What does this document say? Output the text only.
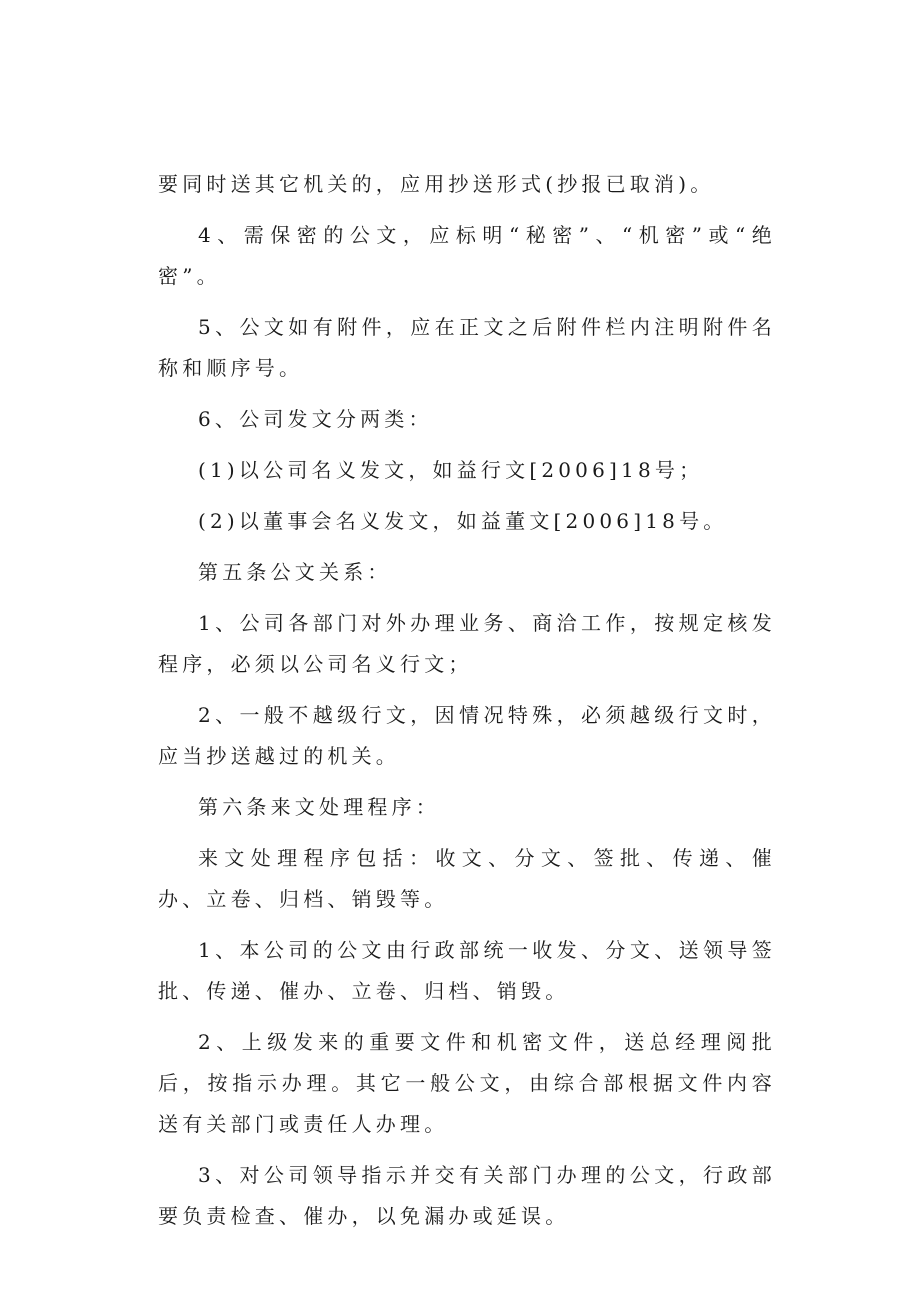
要同时送其它机关的，应用抄送形式(抄报已取消)。

4、需保密的公文，应标明“秘密”、“机密”或“绝密”。

5、公文如有附件，应在正文之后附件栏内注明附件名称和顺序号。

6、公司发文分两类：

(1)以公司名义发文，如益行文[2006]18号；

(2)以董事会名义发文，如益董文[2006]18号。

第五条公文关系：

1、公司各部门对外办理业务、商洽工作，按规定核发程序，必须以公司名义行文；

2、一般不越级行文，因情况特殊，必须越级行文时，应当抄送越过的机关。

第六条来文处理程序：

来文处理程序包括：收文、分文、签批、传递、催办、立卷、归档、销毁等。

1、本公司的公文由行政部统一收发、分文、送领导签批、传递、催办、立卷、归档、销毁。

2、上级发来的重要文件和机密文件，送总经理阅批后，按指示办理。其它一般公文，由综合部根据文件内容送有关部门或责任人办理。

3、对公司领导指示并交有关部门办理的公文，行政部要负责检查、催办，以免漏办或延误。
